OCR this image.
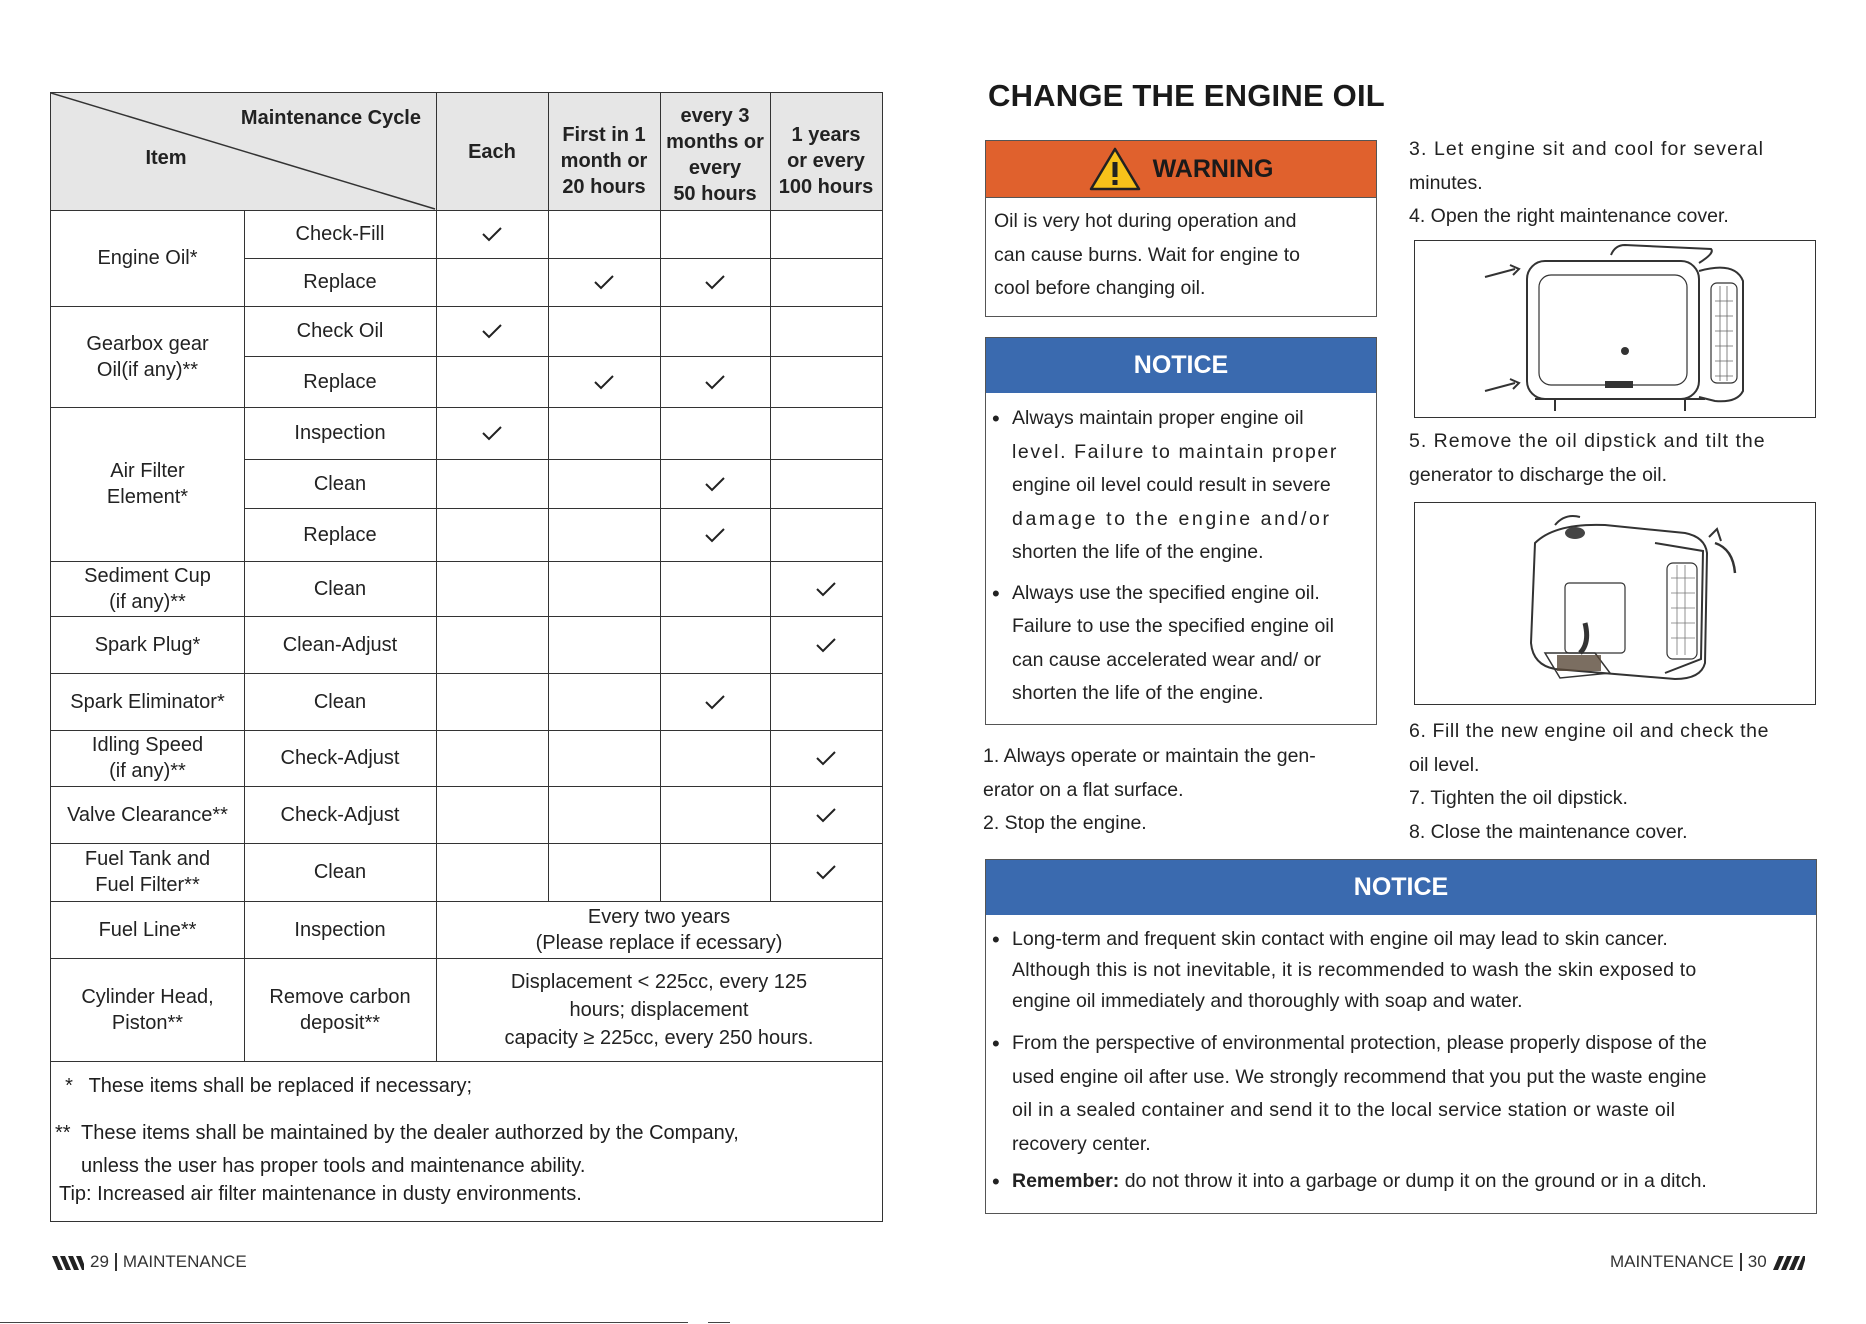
Maintenance Cycle
Item	Each
First in 1
month or
20 hours
every 3
months or
every
50 hours
1 years
or every
100 hours
Engine Oil*
Gearbox gear
Oil(if any)**
Air Filter
Element*
Sediment Cup
(if any)**
Spark Plug*
Spark Eliminator*
Idling Speed
(if any)**
Valve Clearance**
Fuel Tank and
Fuel Filter**
Fuel Line**
Cylinder Head,
Piston**
Check-Fill
Replace
Check Oil
Replace
Inspection
Clean
Replace
Clean
Clean-Adjust
Clean
Check-Adjust
Check-Adjust
Clean
Inspection
Remove carbon
deposit**
Every two years
(Please replace if ecessary)
Displacement < 225cc, every 125
hours; displacement
capacity ≥ 225cc, every 250 hours.
* These items shall be replaced if necessary;
** These items shall be maintained by the dealer authorzed by the Company,
unless the user has proper tools and maintenance ability.
Tip: Increased air filter maintenance in dusty environments.
CHANGE THE ENGINE OIL
WARNING
Oil is very hot during operation and
can cause burns. Wait for engine to
cool before changing oil.
NOTICE
• Always maintain proper engine oil
level. Failure to maintain proper
engine oil level could result in severe
damage to the engine and/or
shorten the life of the engine.
• Always use the specified engine oil.
Failure to use the specified engine oil
can cause accelerated wear and/ or
shorten the life of the engine.
1. Always operate or maintain the gen-
erator on a flat surface.
2. Stop the engine.
3. Let engine sit and cool for several
minutes.
4. Open the right maintenance cover.
5. Remove the oil dipstick and tilt the
generator to discharge the oil.
6. Fill the new engine oil and check the
oil level.
7. Tighten the oil dipstick.
8. Close the maintenance cover.
NOTICE
• Long-term and frequent skin contact with engine oil may lead to skin cancer.
Although this is not inevitable, it is recommended to wash the skin exposed to
engine oil immediately and thoroughly with soap and water.
• From the perspective of environmental protection, please properly dispose of the
used engine oil after use. We strongly recommend that you put the waste engine
oil in a sealed container and send it to the local service station or waste oil
recovery center.
• Remember: do not throw it into a garbage or dump it on the ground or in a ditch.
29 MAINTENANCE	MAINTENANCE 30
